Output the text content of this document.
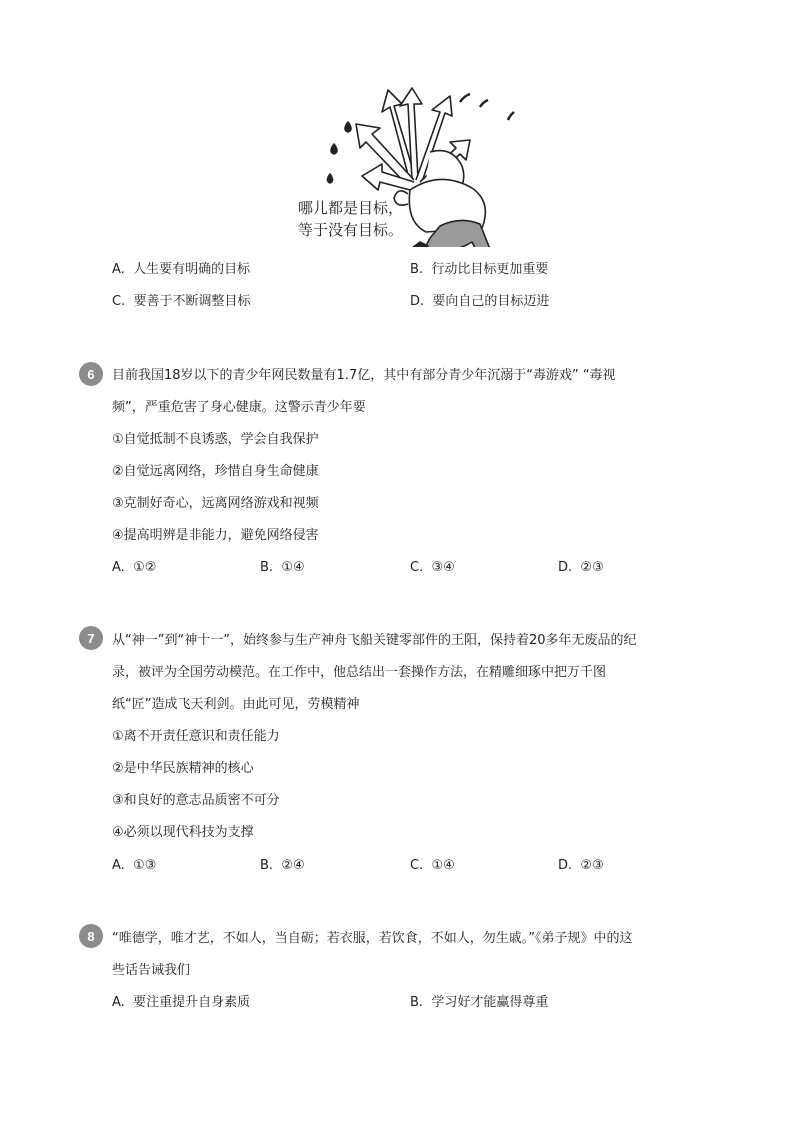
哪儿都是目标，
等于没有目标。
A. 人生要有明确的目标	B. 行动比目标更加重要
C. 要善于不断调整目标	D. 要向自己的目标迈进
6	目前我国18岁以下的青少年网民数量有1.7亿，其中有部分青少年沉溺于“毒游戏” “毒视
频”，严重危害了身心健康。这警示青少年要
①自觉抵制不良诱惑，学会自我保护
②自觉远离网络，珍惜自身生命健康
③克制好奇心，远离网络游戏和视频
④提高明辨是非能力，避免网络侵害
A. ①②	B. ①④	C. ③④	D. ②③
7	从“神一”到“神十一”，始终参与生产神舟飞船关键零部件的王阳，保持着20多年无废品的纪
录，被评为全国劳动模范。在工作中，他总结出一套操作方法，在精雕细琢中把万千图
纸“匠”造成飞天利剑。由此可见，劳模精神
①离不开责任意识和责任能力
②是中华民族精神的核心
③和良好的意志品质密不可分
④必须以现代科技为支撑
A. ①③	B. ②④	C. ①④	D. ②③
8	“唯德学，唯才艺，不如人，当自砺；若衣服，若饮食，不如人，勿生戚。”《弟子规》中的这
些话告诫我们
A. 要注重提升自身素质	B. 学习好才能赢得尊重
